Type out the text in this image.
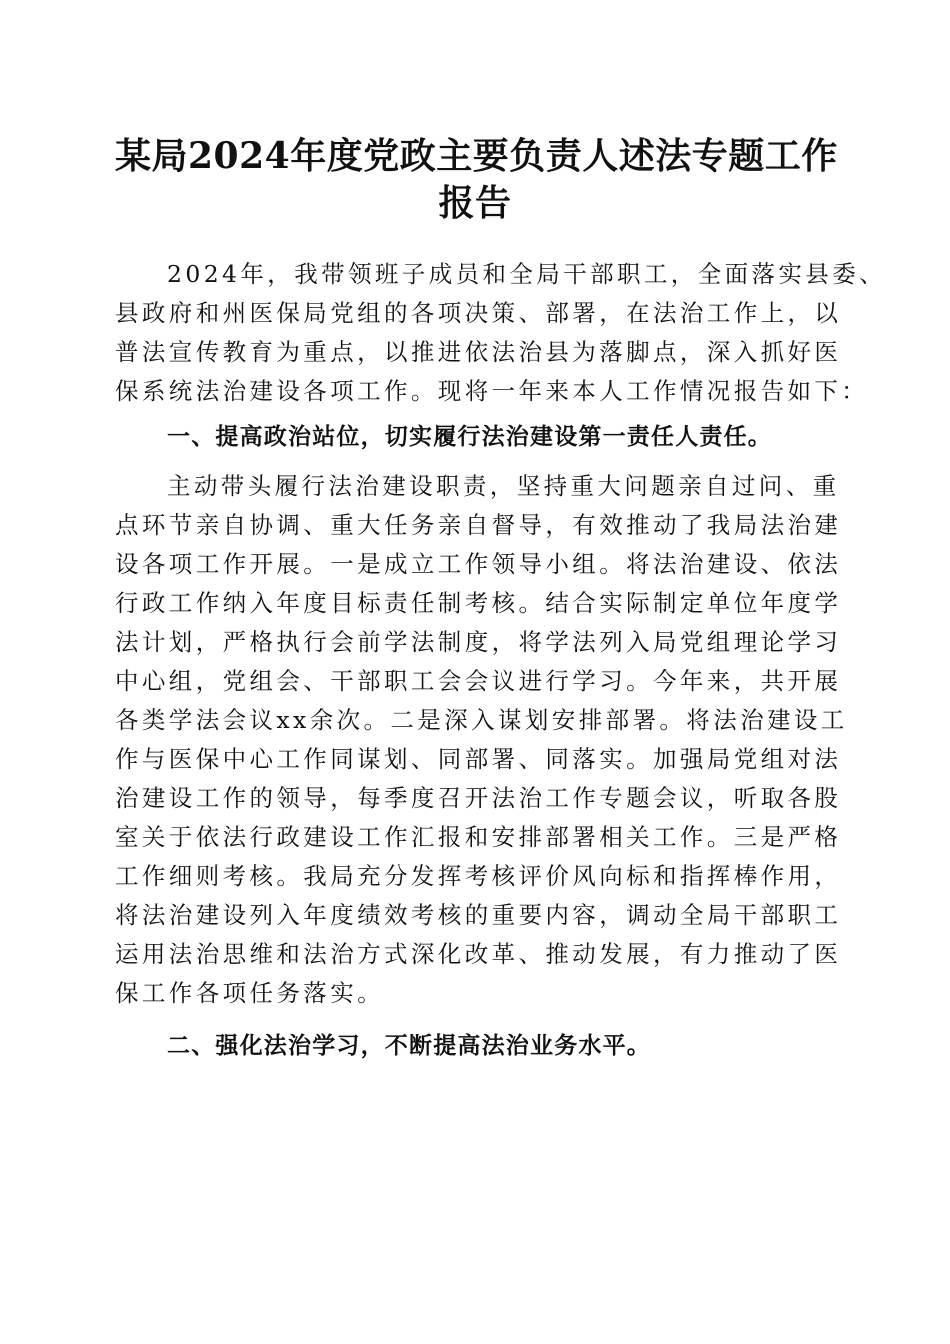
某局2024年度党政主要负责人述法专题工作
报告
2024年，我带领班子成员和全局干部职工，全面落实县委、
县政府和州医保局党组的各项决策、部署，在法治工作上，以
普法宣传教育为重点，以推进依法治县为落脚点，深入抓好医
保系统法治建设各项工作。现将一年来本人工作情况报告如下：
一、提高政治站位，切实履行法治建设第一责任人责任。
主动带头履行法治建设职责，坚持重大问题亲自过问、重
点环节亲自协调、重大任务亲自督导，有效推动了我局法治建
设各项工作开展。一是成立工作领导小组。将法治建设、依法
行政工作纳入年度目标责任制考核。结合实际制定单位年度学
法计划，严格执行会前学法制度，将学法列入局党组理论学习
中心组，党组会、干部职工会会议进行学习。今年来，共开展
各类学法会议xx余次。二是深入谋划安排部署。将法治建设工
作与医保中心工作同谋划、同部署、同落实。加强局党组对法
治建设工作的领导，每季度召开法治工作专题会议，听取各股
室关于依法行政建设工作汇报和安排部署相关工作。三是严格
工作细则考核。我局充分发挥考核评价风向标和指挥棒作用，
将法治建设列入年度绩效考核的重要内容，调动全局干部职工
运用法治思维和法治方式深化改革、推动发展，有力推动了医
保工作各项任务落实。
二、强化法治学习，不断提高法治业务水平。
